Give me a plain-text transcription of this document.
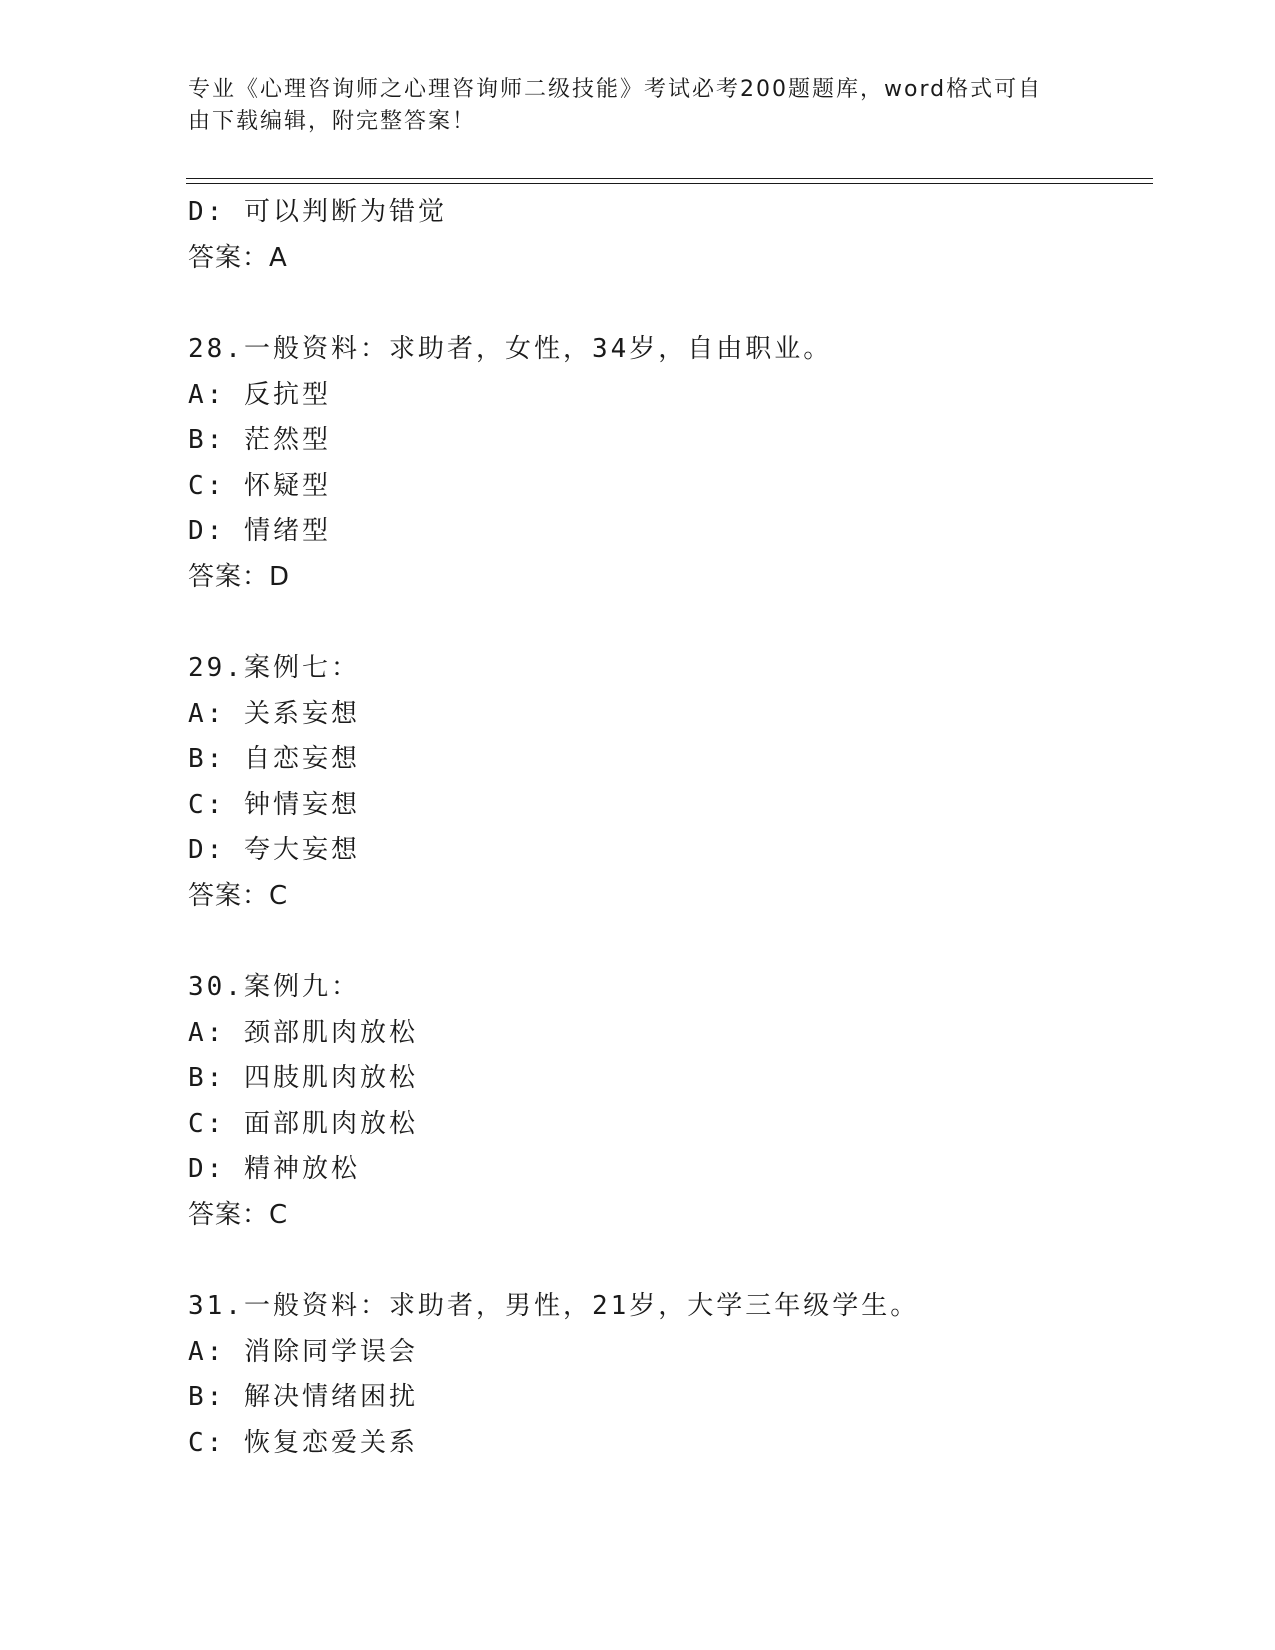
专业《心理咨询师之心理咨询师二级技能》考试必考200题题库，word格式可自
由下载编辑，附完整答案！
D: 可以判断为错觉
答案：A
28.一般资料：求助者，女性，34岁，自由职业。
A: 反抗型
B: 茫然型
C: 怀疑型
D: 情绪型
答案：D
29.案例七：
A: 关系妄想
B: 自恋妄想
C: 钟情妄想
D: 夸大妄想
答案：C
30.案例九：
A: 颈部肌肉放松
B: 四肢肌肉放松
C: 面部肌肉放松
D: 精神放松
答案：C
31.一般资料：求助者，男性，21岁，大学三年级学生。
A: 消除同学误会
B: 解决情绪困扰
C: 恢复恋爱关系
